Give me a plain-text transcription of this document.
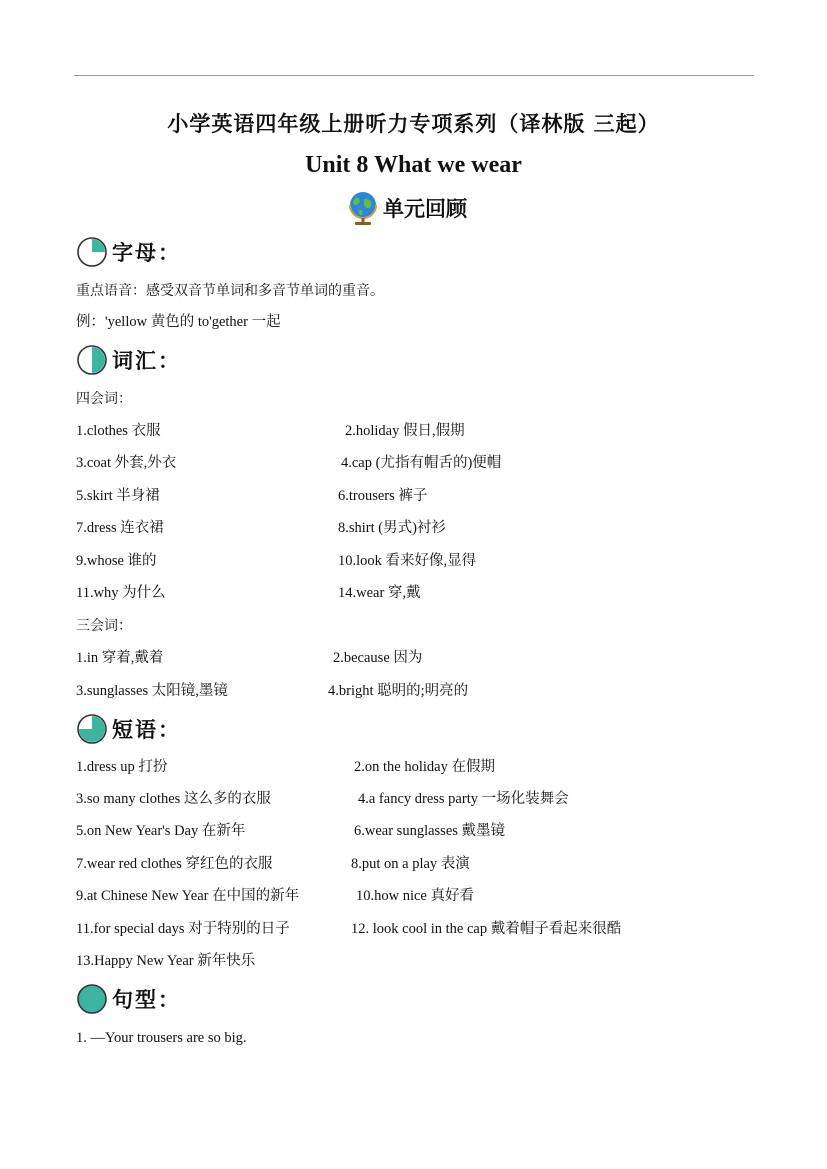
小学英语四年级上册听力专项系列（译林版 三起）
Unit 8 What we wear
单元回顾
字母：
重点语音：感受双音节单词和多音节单词的重音。
例：'yellow 黄色的 to'gether 一起
词汇：
四会词：
1.clothes 衣服	2.holiday 假日,假期
3.coat 外套,外衣	4.cap (尤指有帽舌的)便帽
5.skirt 半身裙	6.trousers 裤子
7.dress 连衣裙	8.shirt (男式)衬衫
9.whose 谁的	10.look 看来好像,显得
11.why 为什么	14.wear 穿,戴
三会词：
1.in 穿着,戴着	2.because 因为
3.sunglasses 太阳镜,墨镜	4.bright 聪明的;明亮的
短语：
1.dress up 打扮	2.on the holiday 在假期
3.so many clothes 这么多的衣服	4.a fancy dress party 一场化装舞会
5.on New Year's Day 在新年	6.wear sunglasses 戴墨镜
7.wear red clothes 穿红色的衣服	8.put on a play 表演
9.at Chinese New Year 在中国的新年	10.how nice 真好看
11.for special days 对于特别的日子	12. look cool in the cap 戴着帽子看起来很酷
13.Happy New Year 新年快乐
句型：
1. —Your trousers are so big.
